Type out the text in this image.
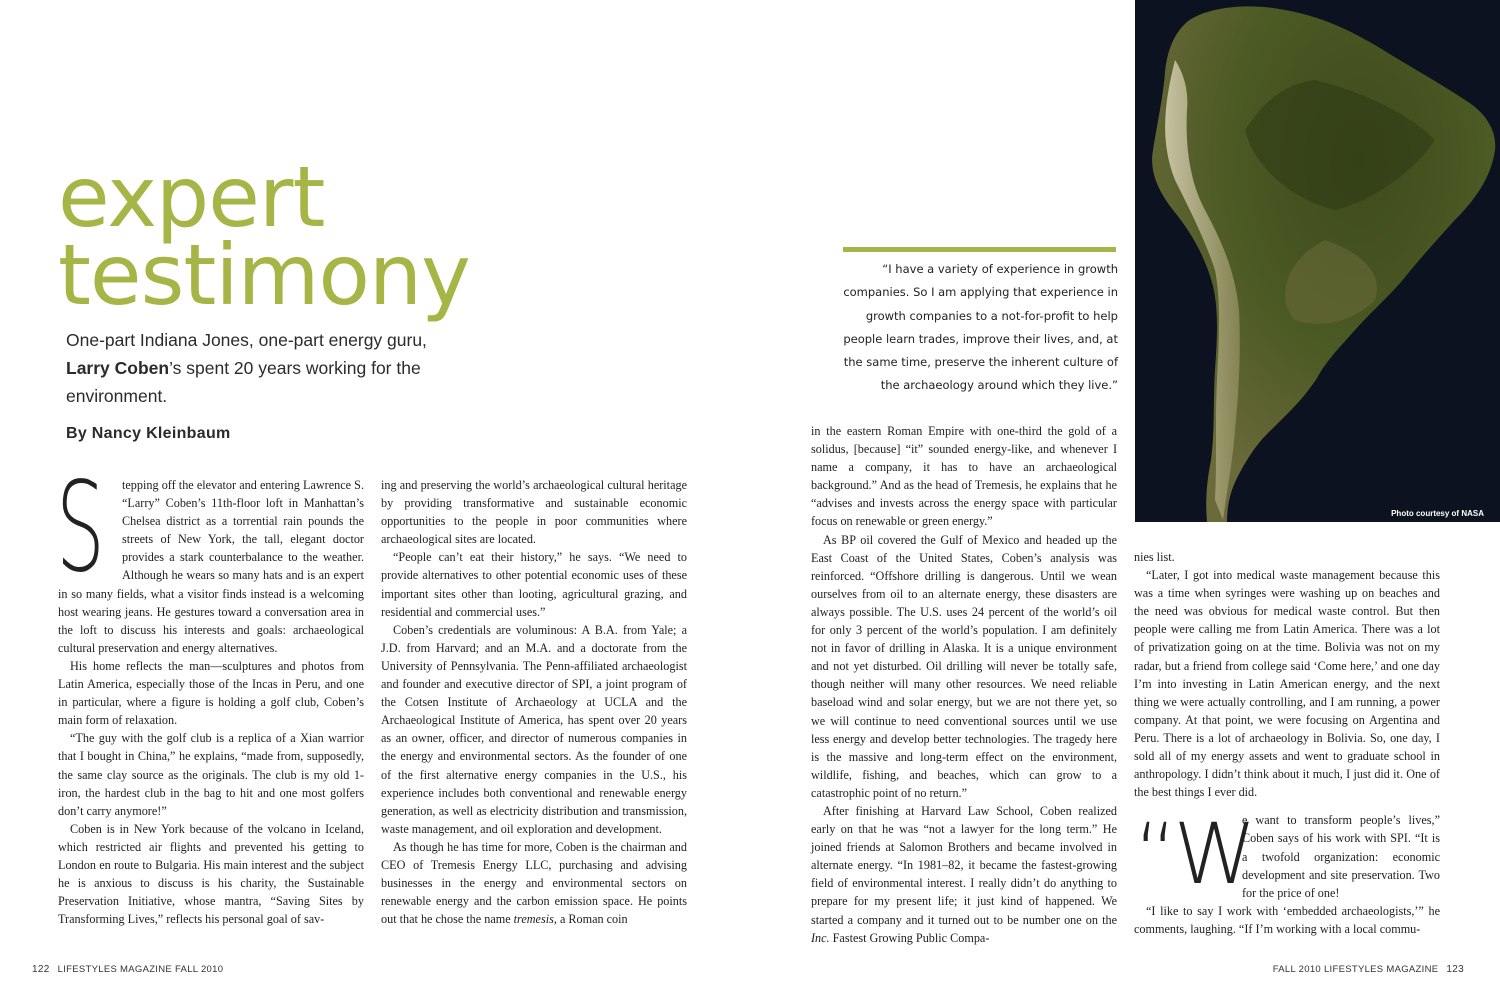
expert
testimony

One-part Indiana Jones, one-part energy guru,
Larry Coben’s spent 20 years working for the environment.

By Nancy Kleinbaum

S tepping off the elevator and entering Lawrence S. “Larry” Coben’s 11th-floor loft in Manhattan’s Chelsea district as a torrential rain pounds the streets of New York, the tall, elegant doctor provides a stark counterbalance to the weather. Although he wears so many hats and is an expert in so many fields, what a visitor finds instead is a welcoming host wearing jeans. He gestures toward a conversation area in the loft to discuss his interests and goals: archaeological cultural preservation and energy alternatives.

His home reflects the man—sculptures and photos from Latin America, especially those of the Incas in Peru, and one in particular, where a figure is holding a golf club, Coben’s main form of relaxation.

“The guy with the golf club is a replica of a Xian warrior that I bought in China,” he explains, “made from, supposedly, the same clay source as the originals. The club is my old 1-iron, the hardest club in the bag to hit and one most golfers don’t carry anymore!”

Coben is in New York because of the volcano in Iceland, which restricted air flights and prevented his getting to London en route to Bulgaria. His main interest and the subject he is anxious to discuss is his charity, the Sustainable Preservation Initiative, whose mantra, “Saving Sites by Transforming Lives,” reflects his personal goal of sav-

ing and preserving the world’s archaeological cultural heritage by providing transformative and sustainable economic opportunities to the people in poor communities where archaeological sites are located.

“People can’t eat their history,” he says. “We need to provide alternatives to other potential economic uses of these important sites other than looting, agricultural grazing, and residential and commercial uses.”

Coben’s credentials are voluminous: A B.A. from Yale; a J.D. from Harvard; and an M.A. and a doctorate from the University of Pennsylvania. The Penn-affiliated archaeologist and founder and executive director of SPI, a joint program of the Cotsen Institute of Archaeology at UCLA and the Archaeological Institute of America, has spent over 20 years as an owner, officer, and director of numerous companies in the energy and environmental sectors. As the founder of one of the first alternative energy companies in the U.S., his experience includes both conventional and renewable energy generation, as well as electricity distribution and transmission, waste management, and oil exploration and development.

As though he has time for more, Coben is the chairman and CEO of Tremesis Energy LLC, purchasing and advising businesses in the energy and environmental sectors on renewable energy and the carbon emission space. He points out that he chose the name tremesis, a Roman coin

“I have a variety of experience in growth companies. So I am applying that experience in growth companies to a not-for-profit to help people learn trades, improve their lives, and, at the same time, preserve the inherent culture of the archaeology around which they live.”

in the eastern Roman Empire with one-third the gold of a solidus, [because] “it” sounded energy-like, and whenever I name a company, it has to have an archaeological background.” And as the head of Tremesis, he explains that he “advises and invests across the energy space with particular focus on renewable or green energy.”

As BP oil covered the Gulf of Mexico and headed up the East Coast of the United States, Coben’s analysis was reinforced. “Offshore drilling is dangerous. Until we wean ourselves from oil to an alternate energy, these disasters are always possible. The U.S. uses 24 percent of the world’s oil for only 3 percent of the world’s population. I am definitely not in favor of drilling in Alaska. It is a unique environment and not yet disturbed. Oil drilling will never be totally safe, though neither will many other resources. We need reliable baseload wind and solar energy, but we are not there yet, so we will continue to need conventional sources until we use less energy and develop better technologies. The tragedy here is the massive and long-term effect on the environment, wildlife, fishing, and beaches, which can grow to a catastrophic point of no return.”

After finishing at Harvard Law School, Coben realized early on that he was “not a lawyer for the long term.” He joined friends at Salomon Brothers and became involved in alternate energy. “In 1981–82, it became the fastest-growing field of environmental interest. I really didn’t do anything to prepare for my present life; it just kind of happened. We started a company and it turned out to be number one on the Inc. Fastest Growing Public Compa-

Photo courtesy of NASA

nies list.

“Later, I got into medical waste management because this was a time when syringes were washing up on beaches and the need was obvious for medical waste control. But then people were calling me from Latin America. There was a lot of privatization going on at the time. Bolivia was not on my radar, but a friend from college said ‘Come here,’ and one day I’m into investing in Latin American energy, and the next thing we were actually controlling, and I am running, a power company. At that point, we were focusing on Argentina and Peru. There is a lot of archaeology in Bolivia. So, one day, I sold all of my energy assets and went to graduate school in anthropology. I didn’t think about it much, I just did it. One of the best things I ever did.

“W
e want to transform people’s lives,” Coben says of his work with SPI. “It is a twofold organization: economic development and site preservation. Two for the price of one!

“I like to say I work with ‘embedded archaeologists,’” he comments, laughing. “If I’m working with a local commu-

122 LIFESTYLES MAGAZINE FALL 2010	FALL 2010 LIFESTYLES MAGAZINE 123
